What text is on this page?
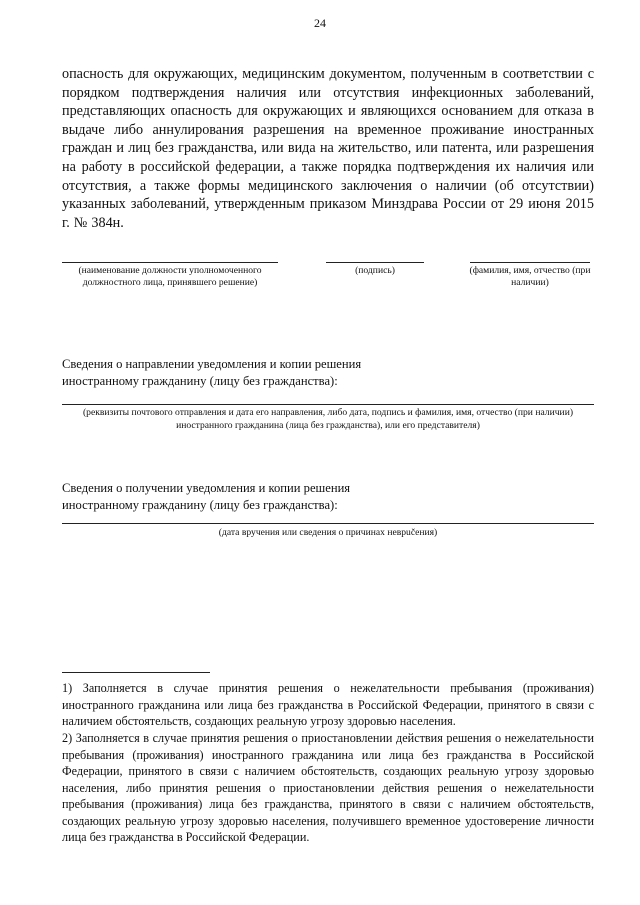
24

опасность для окружающих, медицинским документом, полученным в соответствии с порядком подтверждения наличия или отсутствия инфекционных заболеваний, представляющих опасность для окружающих и являющихся основанием для отказа в выдаче либо аннулирования разрешения на временное проживание иностранных граждан и лиц без гражданства, или вида на жительство, или патента, или разрешения на работу в российской федерации, а также порядка подтверждения их наличия или отсутствия, а также формы медицинского заключения о наличии (об отсутствии) указанных заболеваний, утвержденным приказом Минздрава России от 29 июня 2015 г. № 384н.

(наименование должности уполномоченного должностного лица, принявшего решение)
(подпись)	(фамилия, имя, отчество (при наличии)
Сведения о направлении уведомления и копии решения иностранному гражданину (лицу без гражданства):
(реквизиты почтового отправления и дата его направления, либо дата, подпись и фамилия, имя, отчество (при наличии) иностранного гражданина (лица без гражданства), или его представителя)
Сведения о получении уведомления и копии решения иностранному гражданину (лицу без гражданства):
(дата вручения или сведения о причинах неврučения)
1) Заполняется в случае принятия решения о нежелательности пребывания (проживания) иностранного гражданина или лица без гражданства в Российской Федерации, принятого в связи с наличием обстоятельств, создающих реальную угрозу здоровью населения.
2) Заполняется в случае принятия решения о приостановлении действия решения о нежелательности пребывания (проживания) иностранного гражданина или лица без гражданства в Российской Федерации, принятого в связи с наличием обстоятельств, создающих реальную угрозу здоровью населения, либо принятия решения о приостановлении действия решения о нежелательности пребывания (проживания) лица без гражданства, принятого в связи с наличием обстоятельств, создающих реальную угрозу здоровью населения, получившего временное удостоверение личности лица без гражданства в Российской Федерации.
